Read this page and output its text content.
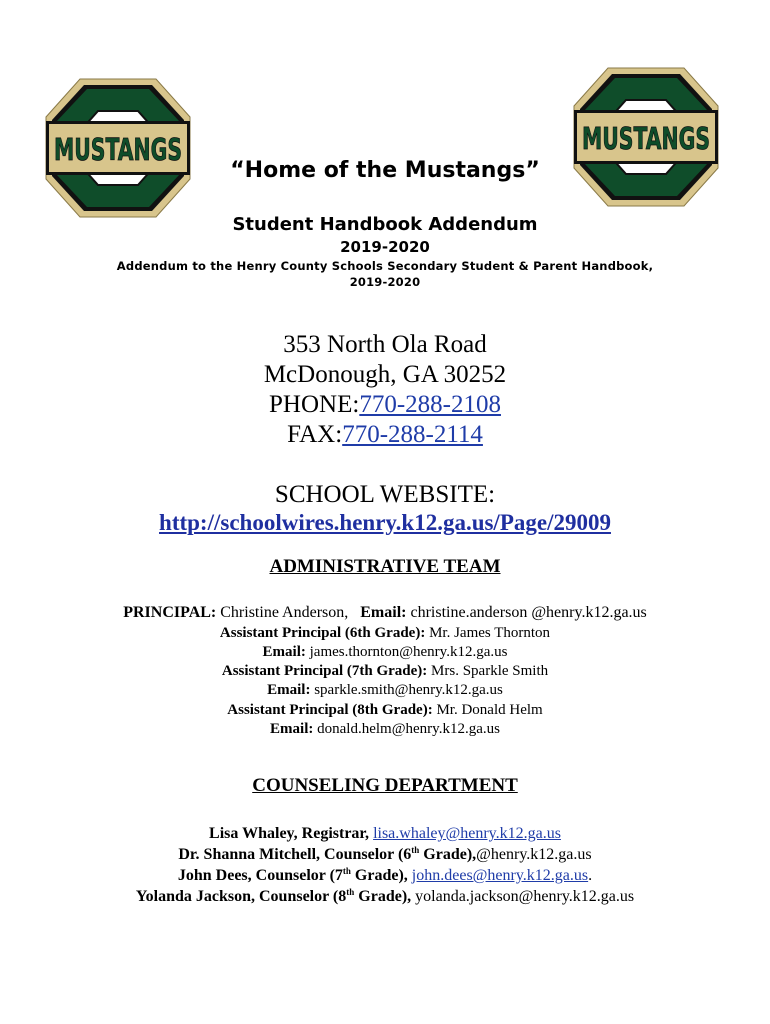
MUSTANGS	MUSTANGS
“Home of the Mustangs”
Student Handbook Addendum
2019-2020
Addendum to the Henry County Schools Secondary Student & Parent Handbook,
2019-2020
353 North Ola Road
McDonough, GA 30252
PHONE:770-288-2108
FAX:770-288-2114
SCHOOL WEBSITE:
http://schoolwires.henry.k12.ga.us/Page/29009
ADMINISTRATIVE TEAM
PRINCIPAL: Christine Anderson, Email: christine.anderson @henry.k12.ga.us
Assistant Principal (6th Grade): Mr. James Thornton
Email: james.thornton@henry.k12.ga.us
Assistant Principal (7th Grade): Mrs. Sparkle Smith
Email: sparkle.smith@henry.k12.ga.us
Assistant Principal (8th Grade): Mr. Donald Helm
Email: donald.helm@henry.k12.ga.us
COUNSELING DEPARTMENT
Lisa Whaley, Registrar, lisa.whaley@henry.k12.ga.us
Dr. Shanna Mitchell, Counselor (6th Grade),@henry.k12.ga.us
John Dees, Counselor (7th Grade), john.dees@henry.k12.ga.us.
Yolanda Jackson, Counselor (8th Grade), yolanda.jackson@henry.k12.ga.us
